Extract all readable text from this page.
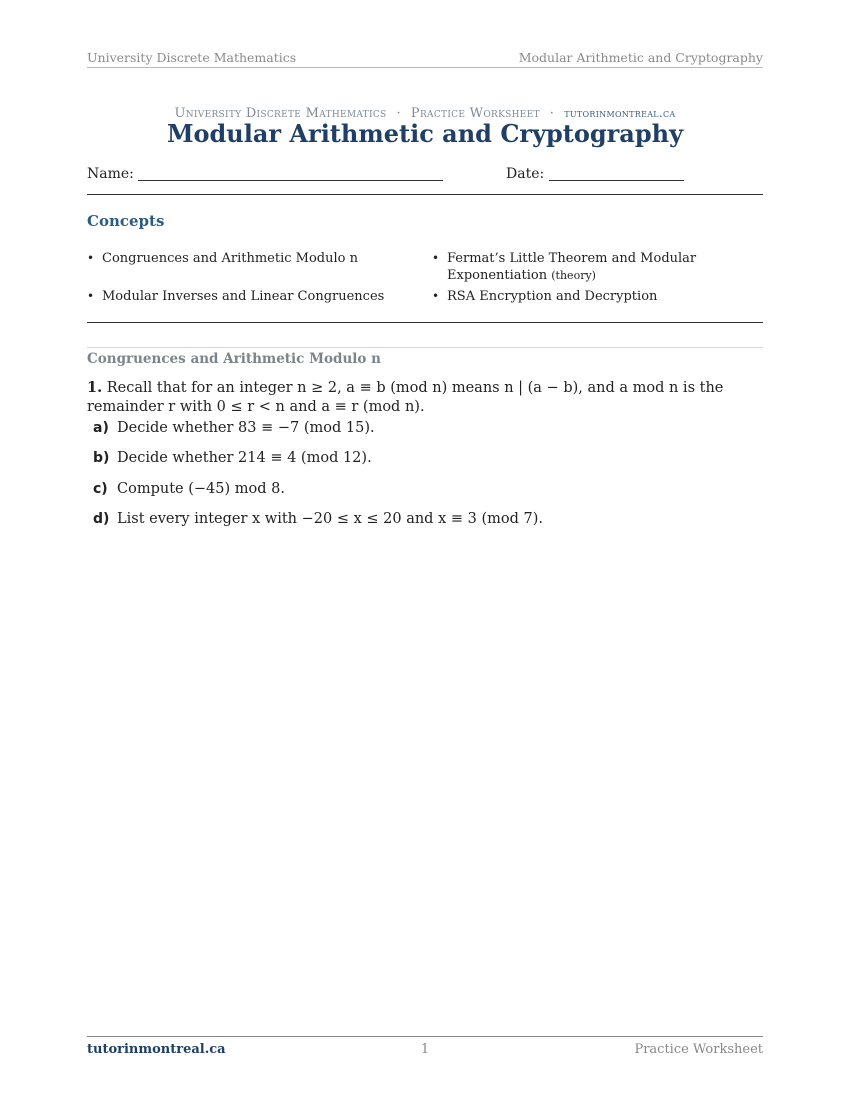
University Discrete Mathematics	Modular Arithmetic and Cryptography
University Discrete Mathematics · Practice Worksheet · tutorinmontreal.ca
Modular Arithmetic and Cryptography
Name:	Date:
Concepts
• Congruences and Arithmetic Modulo n	• Fermat’s Little Theorem and Modular Exponentiation (theory)
• Modular Inverses and Linear Congruences	• RSA Encryption and Decryption
Congruences and Arithmetic Modulo n
1. Recall that for an integer n ≥ 2, a ≡ b (mod n) means n | (a − b), and a mod n is the remainder r with 0 ≤ r < n and a ≡ r (mod n).
a) Decide whether 83 ≡ −7 (mod 15).
b) Decide whether 214 ≡ 4 (mod 12).
c) Compute (−45) mod 8.
d) List every integer x with −20 ≤ x ≤ 20 and x ≡ 3 (mod 7).
tutorinmontreal.ca	1	Practice Worksheet
